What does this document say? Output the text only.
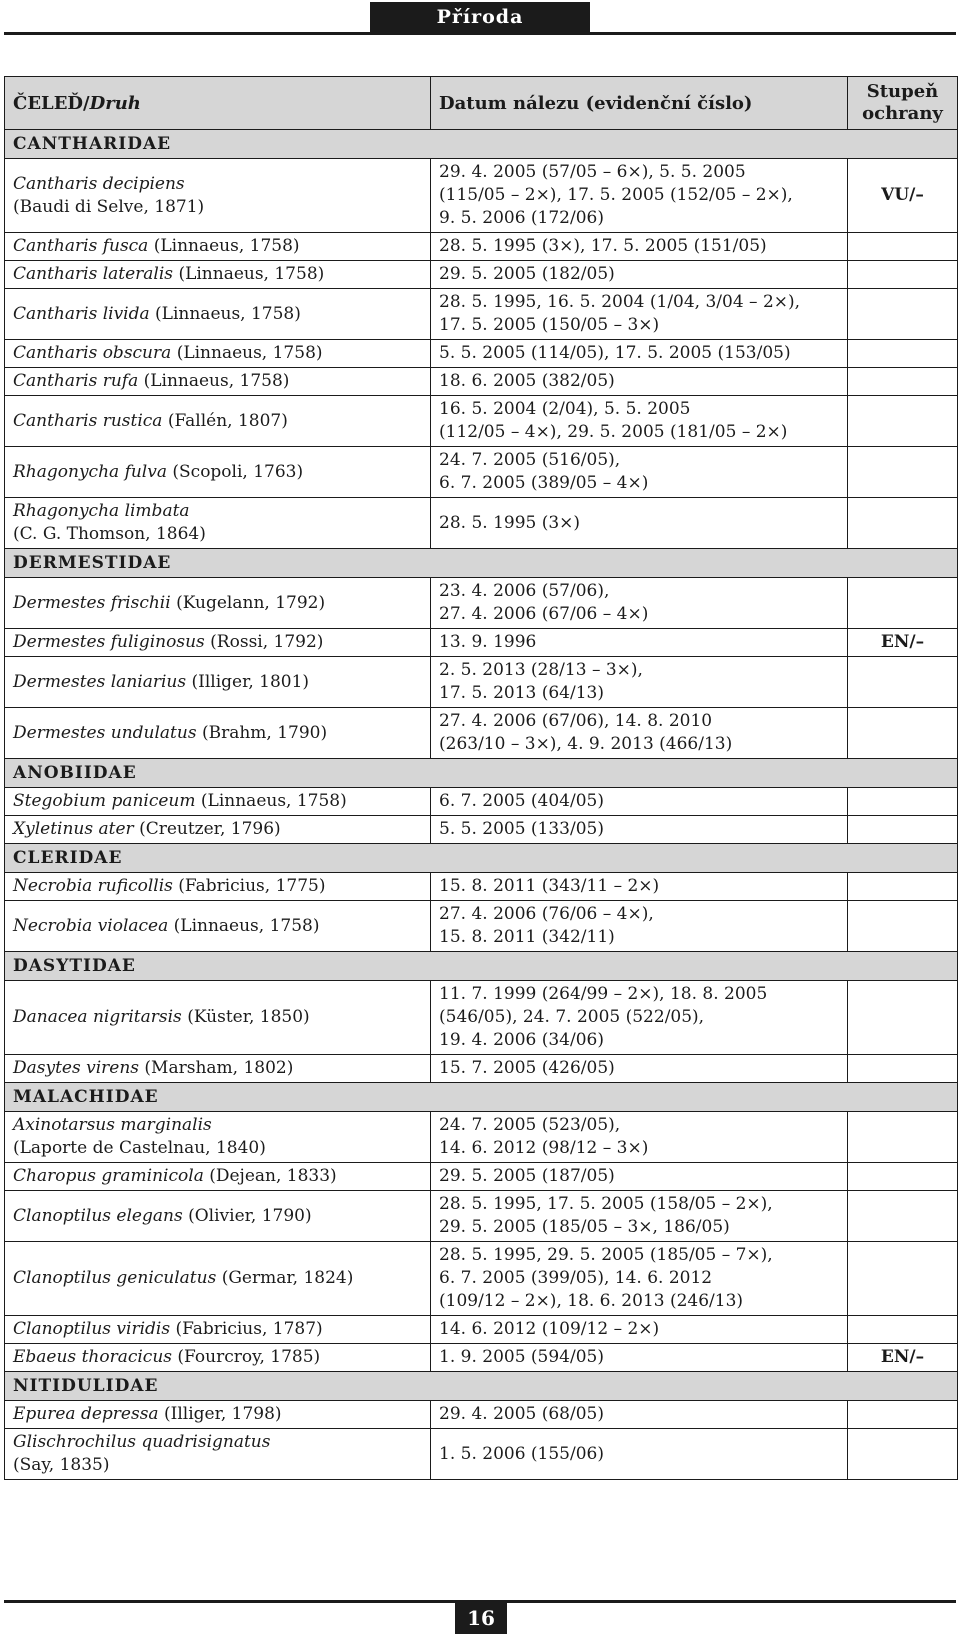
Příroda
ČELEĎ/Druh	Datum nálezu (evidenční číslo)	Stupeň
ochrany
CANTHARIDAE		
Cantharis decipiens
(Baudi di Selve, 1871)	29. 4. 2005 (57/05 – 6×), 5. 5. 2005
(115/05 – 2×), 17. 5. 2005 (152/05 – 2×),
9. 5. 2006 (172/06)	VU/–
Cantharis fusca (Linnaeus, 1758)	28. 5. 1995 (3×), 17. 5. 2005 (151/05)	
Cantharis lateralis (Linnaeus, 1758)	29. 5. 2005 (182/05)	
Cantharis livida (Linnaeus, 1758)	28. 5. 1995, 16. 5. 2004 (1/04, 3/04 – 2×),
17. 5. 2005 (150/05 – 3×)	
Cantharis obscura (Linnaeus, 1758)	5. 5. 2005 (114/05), 17. 5. 2005 (153/05)	
Cantharis rufa (Linnaeus, 1758)	18. 6. 2005 (382/05)	
Cantharis rustica (Fallén, 1807)	16. 5. 2004 (2/04), 5. 5. 2005
(112/05 – 4×), 29. 5. 2005 (181/05 – 2×)	
Rhagonycha fulva (Scopoli, 1763)	24. 7. 2005 (516/05),
6. 7. 2005 (389/05 – 4×)	
Rhagonycha limbata
(C. G. Thomson, 1864)	28. 5. 1995 (3×)	
DERMESTIDAE		
Dermestes frischii (Kugelann, 1792)	23. 4. 2006 (57/06),
27. 4. 2006 (67/06 – 4×)	
Dermestes fuliginosus (Rossi, 1792)	13. 9. 1996	EN/–
Dermestes laniarius (Illiger, 1801)	2. 5. 2013 (28/13 – 3×),
17. 5. 2013 (64/13)	
Dermestes undulatus (Brahm, 1790)	27. 4. 2006 (67/06), 14. 8. 2010
(263/10 – 3×), 4. 9. 2013 (466/13)	
ANOBIIDAE		
Stegobium paniceum (Linnaeus, 1758)	6. 7. 2005 (404/05)	
Xyletinus ater (Creutzer, 1796)	5. 5. 2005 (133/05)	
CLERIDAE		
Necrobia ruficollis (Fabricius, 1775)	15. 8. 2011 (343/11 – 2×)	
Necrobia violacea (Linnaeus, 1758)	27. 4. 2006 (76/06 – 4×),
15. 8. 2011 (342/11)	
DASYTIDAE		
Danacea nigritarsis (Küster, 1850)	11. 7. 1999 (264/99 – 2×), 18. 8. 2005
(546/05), 24. 7. 2005 (522/05),
19. 4. 2006 (34/06)	
Dasytes virens (Marsham, 1802)	15. 7. 2005 (426/05)	
MALACHIDAE		
Axinotarsus marginalis
(Laporte de Castelnau, 1840)	24. 7. 2005 (523/05),
14. 6. 2012 (98/12 – 3×)	
Charopus graminicola (Dejean, 1833)	29. 5. 2005 (187/05)	
Clanoptilus elegans (Olivier, 1790)	28. 5. 1995, 17. 5. 2005 (158/05 – 2×),
29. 5. 2005 (185/05 – 3×, 186/05)	
Clanoptilus geniculatus (Germar, 1824)	28. 5. 1995, 29. 5. 2005 (185/05 – 7×),
6. 7. 2005 (399/05), 14. 6. 2012
(109/12 – 2×), 18. 6. 2013 (246/13)	
Clanoptilus viridis (Fabricius, 1787)	14. 6. 2012 (109/12 – 2×)	
Ebaeus thoracicus (Fourcroy, 1785)	1. 9. 2005 (594/05)	EN/–
NITIDULIDAE		
Epurea depressa (Illiger, 1798)	29. 4. 2005 (68/05)	
Glischrochilus quadrisignatus
(Say, 1835)	1. 5. 2006 (155/06)	
16
